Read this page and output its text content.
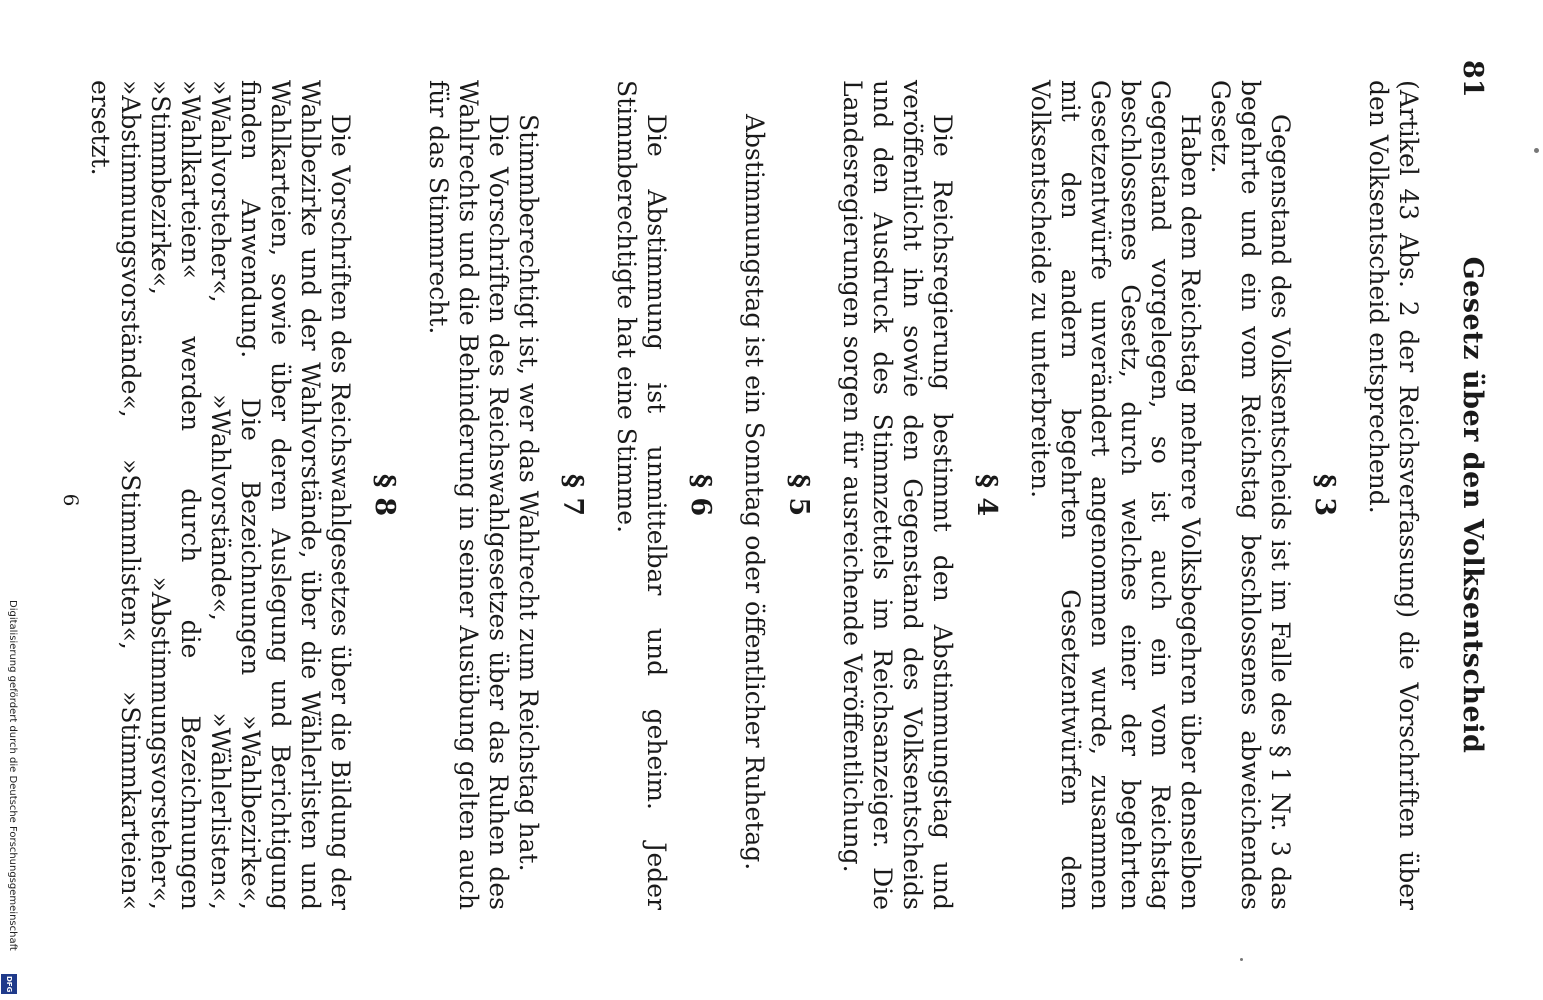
81
Gesetz über den Volksentscheid

(Artikel 43 Abs. 2 der Reichsverfassung) die Vorschriften über den Volksentscheid entsprechend.

§ 3

Gegenstand des Volksentscheids ist im Falle des § 1 Nr. 3 das begehrte und ein vom Reichstag beschlossenes abweichendes Gesetz.

Haben dem Reichstag mehrere Volksbegehren über denselben Gegenstand vorgelegen, so ist auch ein vom Reichstag beschlossenes Gesetz, durch welches einer der begehrten Gesetzentwürfe unverändert angenommen wurde, zusammen mit den andern begehrten Gesetzentwürfen dem Volksentscheide zu unterbreiten.

§ 4

Die Reichsregierung bestimmt den Abstimmungstag und veröffentlicht ihn sowie den Gegenstand des Volksentscheids und den Ausdruck des Stimmzettels im Reichsanzeiger. Die Landesregierungen sorgen für ausreichende Veröffentlichung.

§ 5

Abstimmungstag ist ein Sonntag oder öffentlicher Ruhetag.

§ 6

Die Abstimmung ist unmittelbar und geheim. Jeder Stimmberechtigte hat eine Stimme.

§ 7

Stimmberechtigt ist, wer das Wahlrecht zum Reichstag hat.

Die Vorschriften des Reichswahlgesetzes über das Ruhen des Wahlrechts und die Behinderung in seiner Ausübung gelten auch für das Stimmrecht.

§ 8

Die Vorschriften des Reichswahlgesetzes über die Bildung der Wahlbezirke und der Wahlvorstände, über die Wählerlisten und Wahlkarteien, sowie über deren Auslegung und Berichtigung finden Anwendung. Die Bezeichnungen »Wahlbezirke«, »Wahlvorsteher«, »Wahlvorstände«, »Wählerlisten«, »Wahlkarteien« werden durch die Bezeichnungen »Stimmbezirke«, »Abstimmungsvorsteher«, »Abstimmungsvorstände«, »Stimmlisten«, »Stimmkarteien« ersetzt.

6
Digitalisierung gefördert durch die Deutsche Forschungsgemeinschaft
DFG
